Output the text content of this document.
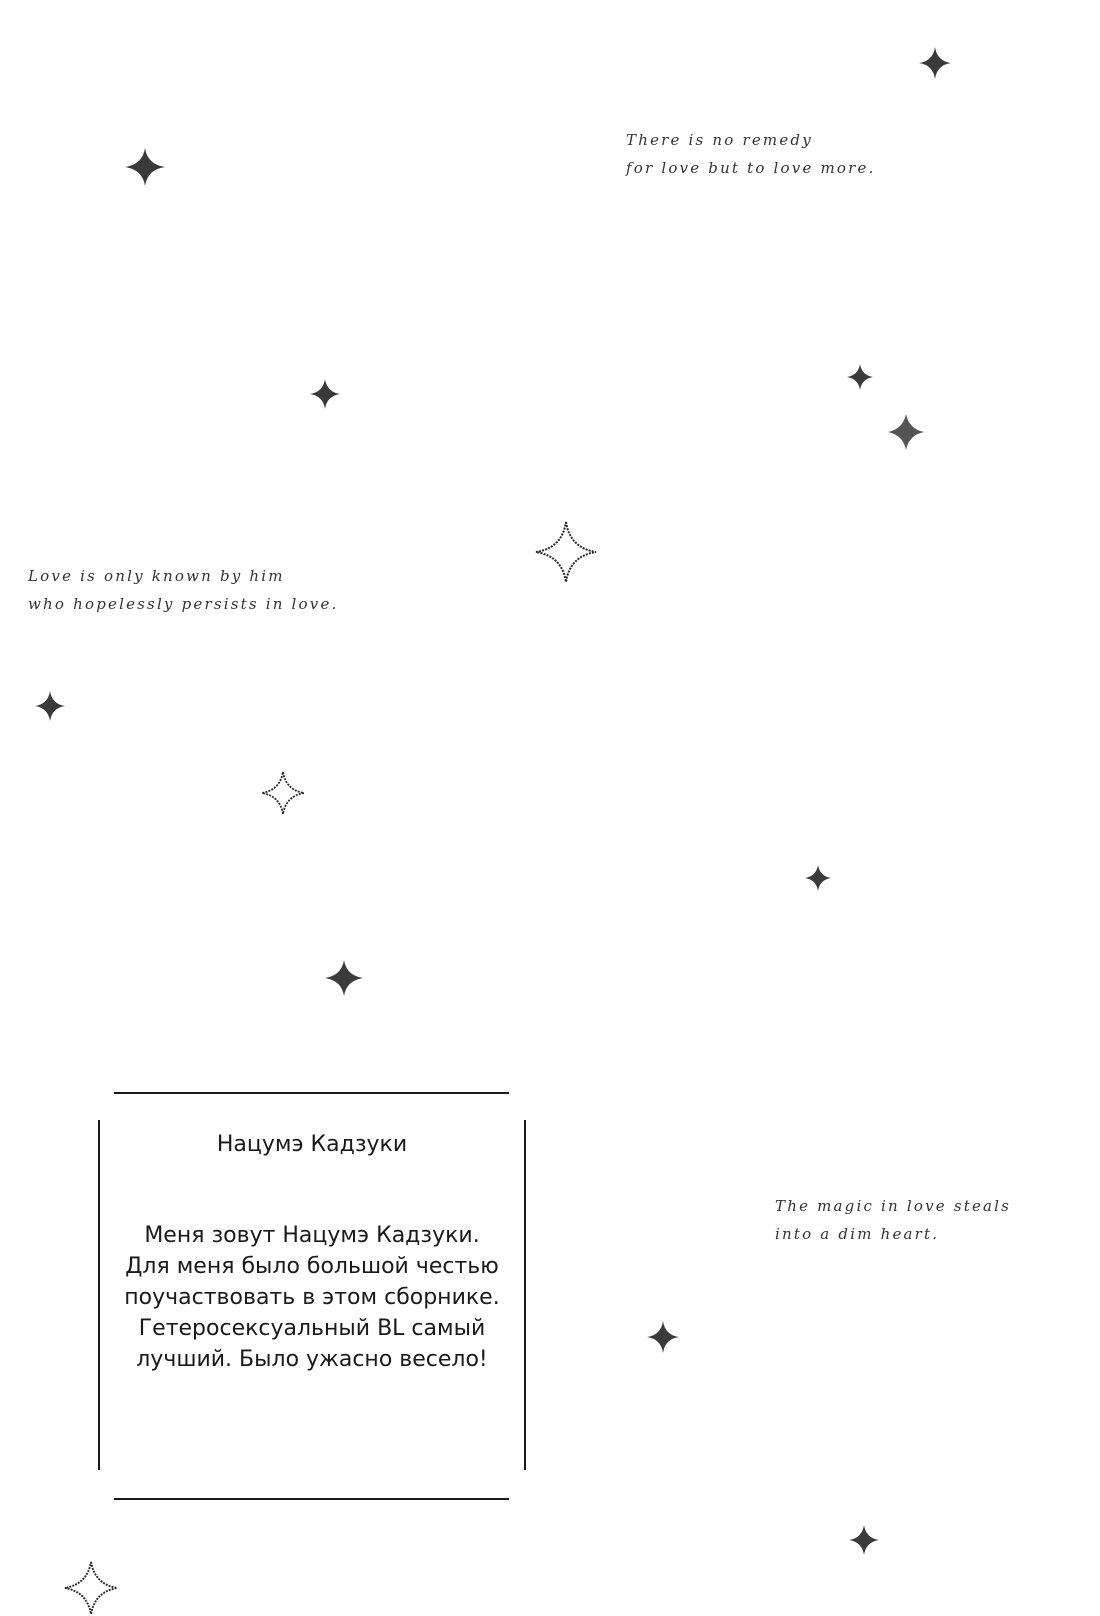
There is no remedy
for love but to love more.
Love is only known by him
who hopelessly persists in love.
The magic in love steals
into a dim heart.
Нацумэ Кадзуки
Меня зовут Нацумэ Кадзуки.
Для меня было большой честью
поучаствовать в этом сборнике.
Гетеросексуальный BL самый
лучший. Было ужасно весело!
